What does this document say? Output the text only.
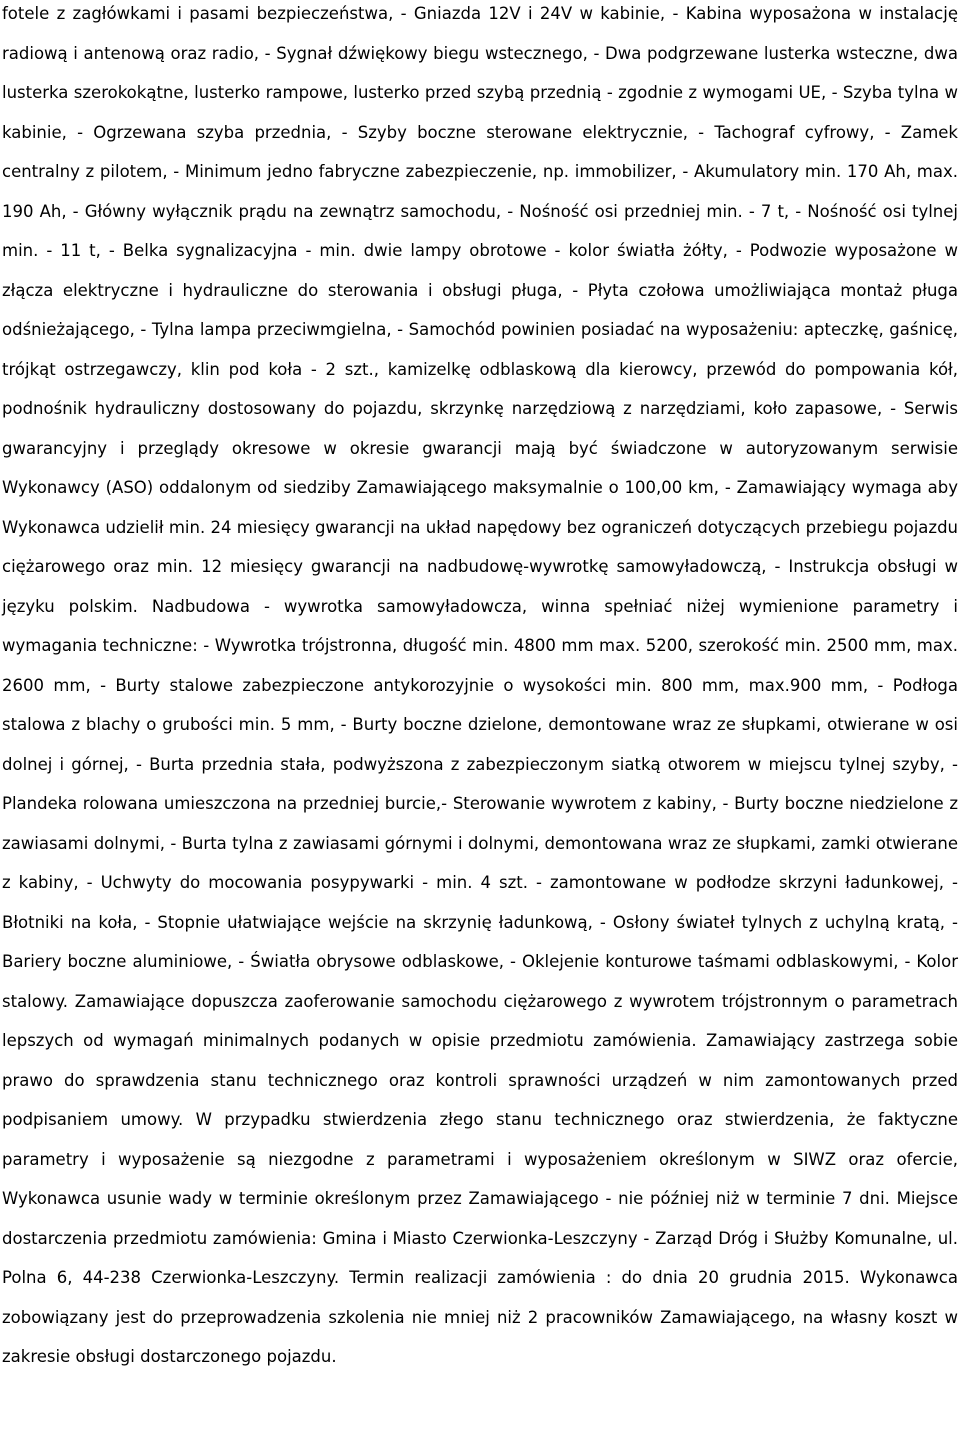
fotele z zagłówkami i pasami bezpieczeństwa, - Gniazda 12V i 24V w kabinie, - Kabina wyposażona w instalację radiową i antenową oraz radio, - Sygnał dźwiękowy biegu wstecznego, - Dwa podgrzewane lusterka wsteczne, dwa lusterka szerokokątne, lusterko rampowe, lusterko przed szybą przednią - zgodnie z wymogami UE, - Szyba tylna w kabinie, - Ogrzewana szyba przednia, - Szyby boczne sterowane elektrycznie, - Tachograf cyfrowy, - Zamek centralny z pilotem, - Minimum jedno fabryczne zabezpieczenie, np. immobilizer, - Akumulatory min. 170 Ah, max. 190 Ah, - Główny wyłącznik prądu na zewnątrz samochodu, - Nośność osi przedniej min. - 7 t, - Nośność osi tylnej min. - 11 t, - Belka sygnalizacyjna - min. dwie lampy obrotowe - kolor światła żółty, - Podwozie wyposażone w złącza elektryczne i hydrauliczne do sterowania i obsługi pługa, - Płyta czołowa umożliwiająca montaż pługa odśnieżającego, - Tylna lampa przeciwmgielna, - Samochód powinien posiadać na wyposażeniu: apteczkę, gaśnicę, trójkąt ostrzegawczy, klin pod koła - 2 szt., kamizelkę odblaskową dla kierowcy, przewód do pompowania kół, podnośnik hydrauliczny dostosowany do pojazdu, skrzynkę narzędziową z narzędziami, koło zapasowe, - Serwis gwarancyjny i przeglądy okresowe w okresie gwarancji mają być świadczone w autoryzowanym serwisie Wykonawcy (ASO) oddalonym od siedziby Zamawiającego maksymalnie o 100,00 km, - Zamawiający wymaga aby Wykonawca udzielił min. 24 miesięcy gwarancji na układ napędowy bez ograniczeń dotyczących przebiegu pojazdu ciężarowego oraz min. 12 miesięcy gwarancji na nadbudowę-wywrotkę samowyładowczą, - Instrukcja obsługi w języku polskim. Nadbudowa - wywrotka samowyładowcza, winna spełniać niżej wymienione parametry i wymagania techniczne: - Wywrotka trójstronna, długość min. 4800 mm max. 5200, szerokość min. 2500 mm, max. 2600 mm, - Burty stalowe zabezpieczone antykorozyjnie o wysokości min. 800 mm, max.900 mm, - Podłoga stalowa z blachy o grubości min. 5 mm, - Burty boczne dzielone, demontowane wraz ze słupkami, otwierane w osi dolnej i górnej, - Burta przednia stała, podwyższona z zabezpieczonym siatką otworem w miejscu tylnej szyby, - Plandeka rolowana umieszczona na przedniej burcie,- Sterowanie wywrotem z kabiny, - Burty boczne niedzielone z zawiasami dolnymi, - Burta tylna z zawiasami górnymi i dolnymi, demontowana wraz ze słupkami, zamki otwierane z kabiny, - Uchwyty do mocowania posypywarki - min. 4 szt. - zamontowane w podłodze skrzyni ładunkowej, - Błotniki na koła, - Stopnie ułatwiające wejście na skrzynię ładunkową, - Osłony świateł tylnych z uchylną kratą, - Bariery boczne aluminiowe, - Światła obrysowe odblaskowe, - Oklejenie konturowe taśmami odblaskowymi, - Kolor stalowy. Zamawiające dopuszcza zaoferowanie samochodu ciężarowego z wywrotem trójstronnym o parametrach lepszych od wymagań minimalnych podanych w opisie przedmiotu zamówienia. Zamawiający zastrzega sobie prawo do sprawdzenia stanu technicznego oraz kontroli sprawności urządzeń w nim zamontowanych przed podpisaniem umowy. W przypadku stwierdzenia złego stanu technicznego oraz stwierdzenia, że faktyczne parametry i wyposażenie są niezgodne z parametrami i wyposażeniem określonym w SIWZ oraz ofercie, Wykonawca usunie wady w terminie określonym przez Zamawiającego - nie później niż w terminie 7 dni. Miejsce dostarczenia przedmiotu zamówienia: Gmina i Miasto Czerwionka-Leszczyny - Zarząd Dróg i Służby Komunalne, ul. Polna 6, 44-238 Czerwionka-Leszczyny. Termin realizacji zamówienia : do dnia 20 grudnia 2015. Wykonawca zobowiązany jest do przeprowadzenia szkolenia nie mniej niż 2 pracowników Zamawiającego, na własny koszt w zakresie obsługi dostarczonego pojazdu.
